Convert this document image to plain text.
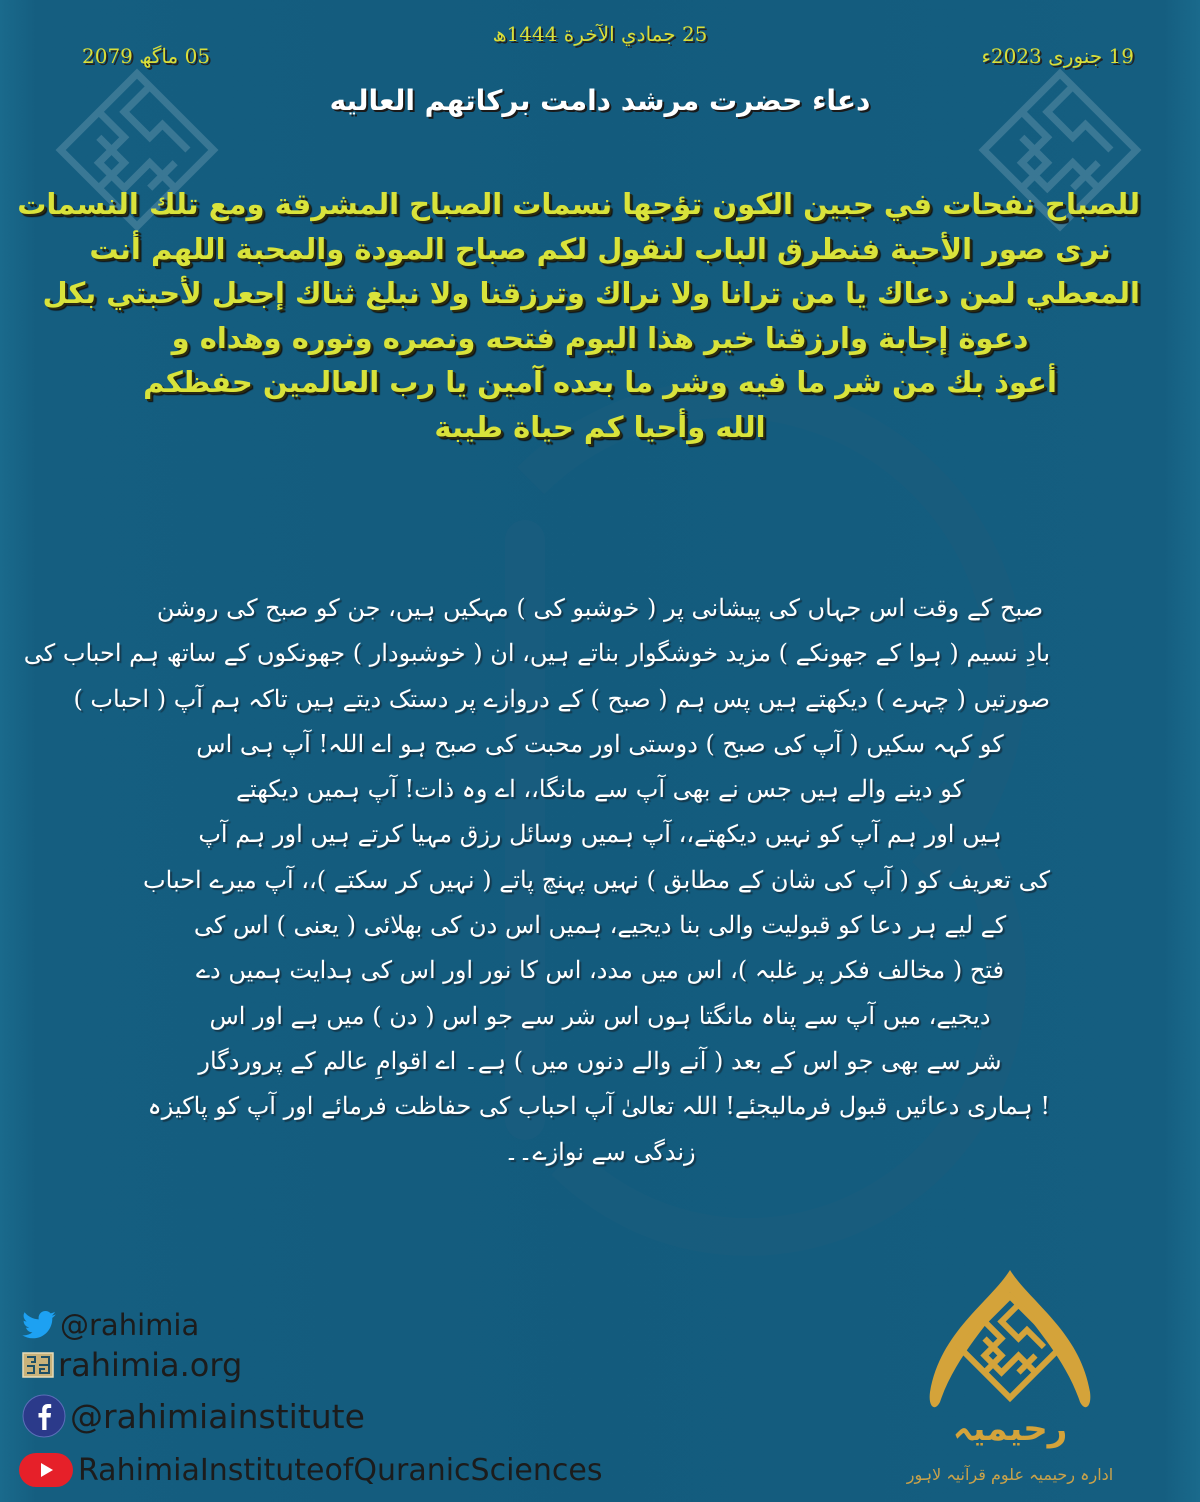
25 جمادي الآخرة 1444ھ
05 ماگھ 2079	19 جنوری 2023ء
دعاء حضرت مرشد دامت برکاتهم العالیه
للصباح نفحات في جبين الكون تؤجها نسمات الصباح المشرقة ومع تلك النسمات
نرى صور الأحبة فنطرق الباب لنقول لكم صباح المودة والمحبة اللهم أنت
المعطي لمن دعاك يا من ترانا ولا نراك وترزقنا ولا نبلغ ثناك إجعل لأحبتي بكل
دعوة إجابة وارزقنا خير هذا اليوم فتحه ونصره ونوره وهداه و
أعوذ بك من شر ما فيه وشر ما بعده آمين يا رب العالمين حفظكم
الله وأحيا كم حياة طيبة
صبح کے وقت اس جہاں کی پیشانی پر ( خوشبو کی ) مہکیں ہیں، جن کو صبح کی روشن
بادِ نسیم ( ہوا کے جھونکے ) مزید خوشگوار بناتے ہیں، ان ( خوشبودار ) جھونکوں کے ساتھ ہم احباب کی
صورتیں ( چہرے ) دیکھتے ہیں پس ہم ( صبح ) کے دروازے پر دستک دیتے ہیں تاکہ ہم آپ ( احباب )
کو کہہ سکیں ( آپ کی صبح ) دوستی اور محبت کی صبح ہو اے اللہ! آپ ہی اس
کو دینے والے ہیں جس نے بھی آپ سے مانگا،، اے وہ ذات! آپ ہمیں دیکھتے
ہیں اور ہم آپ کو نہیں دیکھتے،، آپ ہمیں وسائل رزق مہیا کرتے ہیں اور ہم آپ
کی تعریف کو ( آپ کی شان کے مطابق ) نہیں پہنچ پاتے ( نہیں کر سکتے )،، آپ میرے احباب
کے لیے ہر دعا کو قبولیت والی بنا دیجیے، ہمیں اس دن کی بھلائی ( یعنی ) اس کی
فتح ( مخالف فکر پر غلبہ )، اس میں مدد، اس کا نور اور اس کی ہدایت ہمیں دے
دیجیے، میں آپ سے پناہ مانگتا ہوں اس شر سے جو اس ( دن ) میں ہے اور اس
شر سے بھی جو اس کے بعد ( آنے والے دنوں میں ) ہے۔ اے اقوامِ عالم کے پروردگار
! ہماری دعائیں قبول فرمالیجئے! اللہ تعالیٰ آپ احباب کی حفاظت فرمائے اور آپ کو پاکیزہ
زندگی سے نوازے۔۔
@rahimia
rahimia.org
@rahimiainstitute
RahimiaInstituteofQuranicSciences
رحیمیہ
ادارہ رحیمیہ علوم قرآنیہ لاہور
